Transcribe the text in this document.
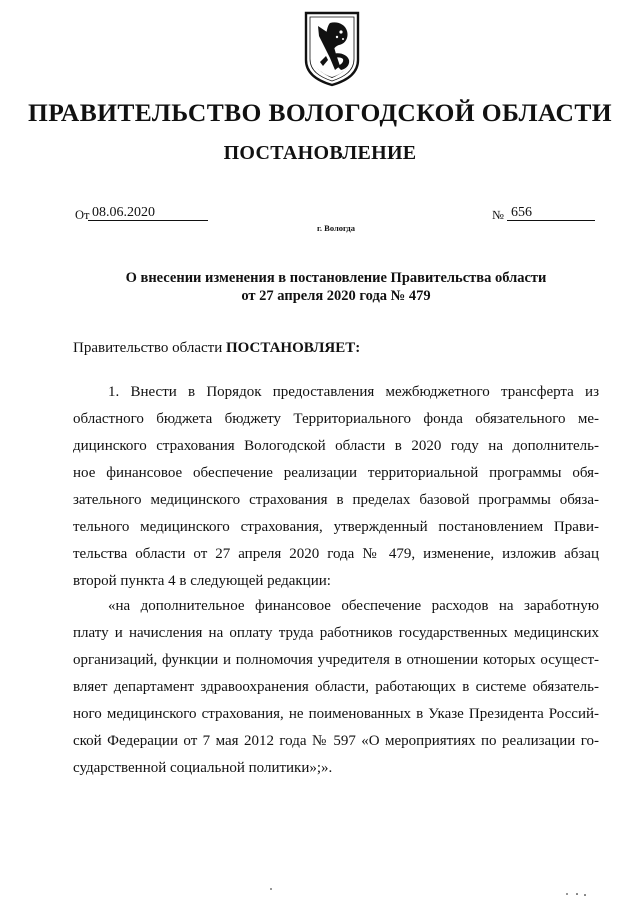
ПРАВИТЕЛЬСТВО ВОЛОГОДСКОЙ ОБЛАСТИ
ПОСТАНОВЛЕНИЕ
От 08.06.2020	№ 656
г. Вологда
О внесении изменения в постановление Правительства области
от 27 апреля 2020 года № 479
Правительство области ПОСТАНОВЛЯЕТ:
1. Внести в Порядок предоставления межбюджетного трансферта из
областного бюджета бюджету Территориального фонда обязательного ме-
дицинского страхования Вологодской области в 2020 году на дополнитель-
ное финансовое обеспечение реализации территориальной программы обя-
зательного медицинского страхования в пределах базовой программы обяза-
тельного медицинского страхования, утвержденный постановлением Прави-
тельства области от 27 апреля 2020 года № 479, изменение, изложив абзац
второй пункта 4 в следующей редакции:
«на дополнительное финансовое обеспечение расходов на заработную
плату и начисления на оплату труда работников государственных медицинских
организаций, функции и полномочия учредителя в отношении которых осущест-
вляет департамент здравоохранения области, работающих в системе обязатель-
ного медицинского страхования, не поименованных в Указе Президента Россий-
ской Федерации от 7 мая 2012 года № 597 «О мероприятиях по реализации го-
сударственной социальной политики»;».
